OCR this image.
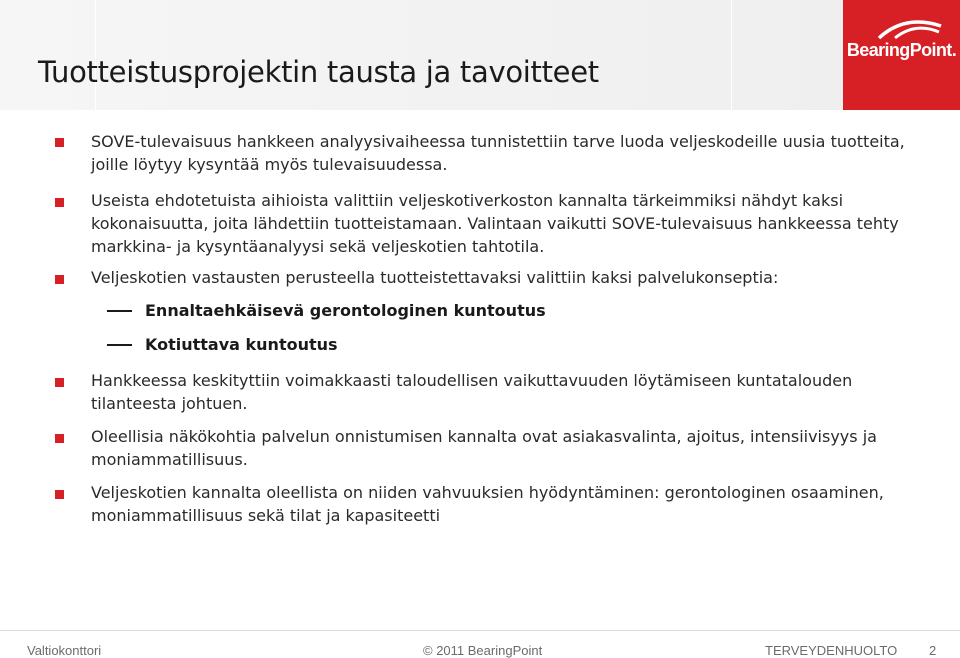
BearingPoint.
Tuotteistusprojektin tausta ja tavoitteet
SOVE-tulevaisuus hankkeen analyysivaiheessa tunnistettiin tarve luoda veljeskodeille uusia tuotteita, joille löytyy kysyntää myös tulevaisuudessa.
Useista ehdotetuista aihioista valittiin veljeskotiverkoston kannalta tärkeimmiksi nähdyt kaksi kokonaisuutta, joita lähdettiin tuotteistamaan. Valintaan vaikutti SOVE-tulevaisuus hankkeessa tehty markkina- ja kysyntäanalyysi sekä veljeskotien tahtotila.
Veljeskotien vastausten perusteella tuotteistettavaksi valittiin kaksi palvelukonseptia:
Ennaltaehkäisevä gerontologinen kuntoutus
Kotiuttava kuntoutus
Hankkeessa keskityttiin voimakkaasti taloudellisen vaikuttavuuden löytämiseen kuntatalouden tilanteesta johtuen.
Oleellisia näkökohtia palvelun onnistumisen kannalta ovat asiakasvalinta, ajoitus, intensiivisyys ja moniammatillisuus.
Veljeskotien kannalta oleellista on niiden vahvuuksien hyödyntäminen: gerontologinen osaaminen, moniammatillisuus sekä tilat ja kapasiteetti
Valtiokonttori	© 2011 BearingPoint	TERVEYDENHUOLTO 2
